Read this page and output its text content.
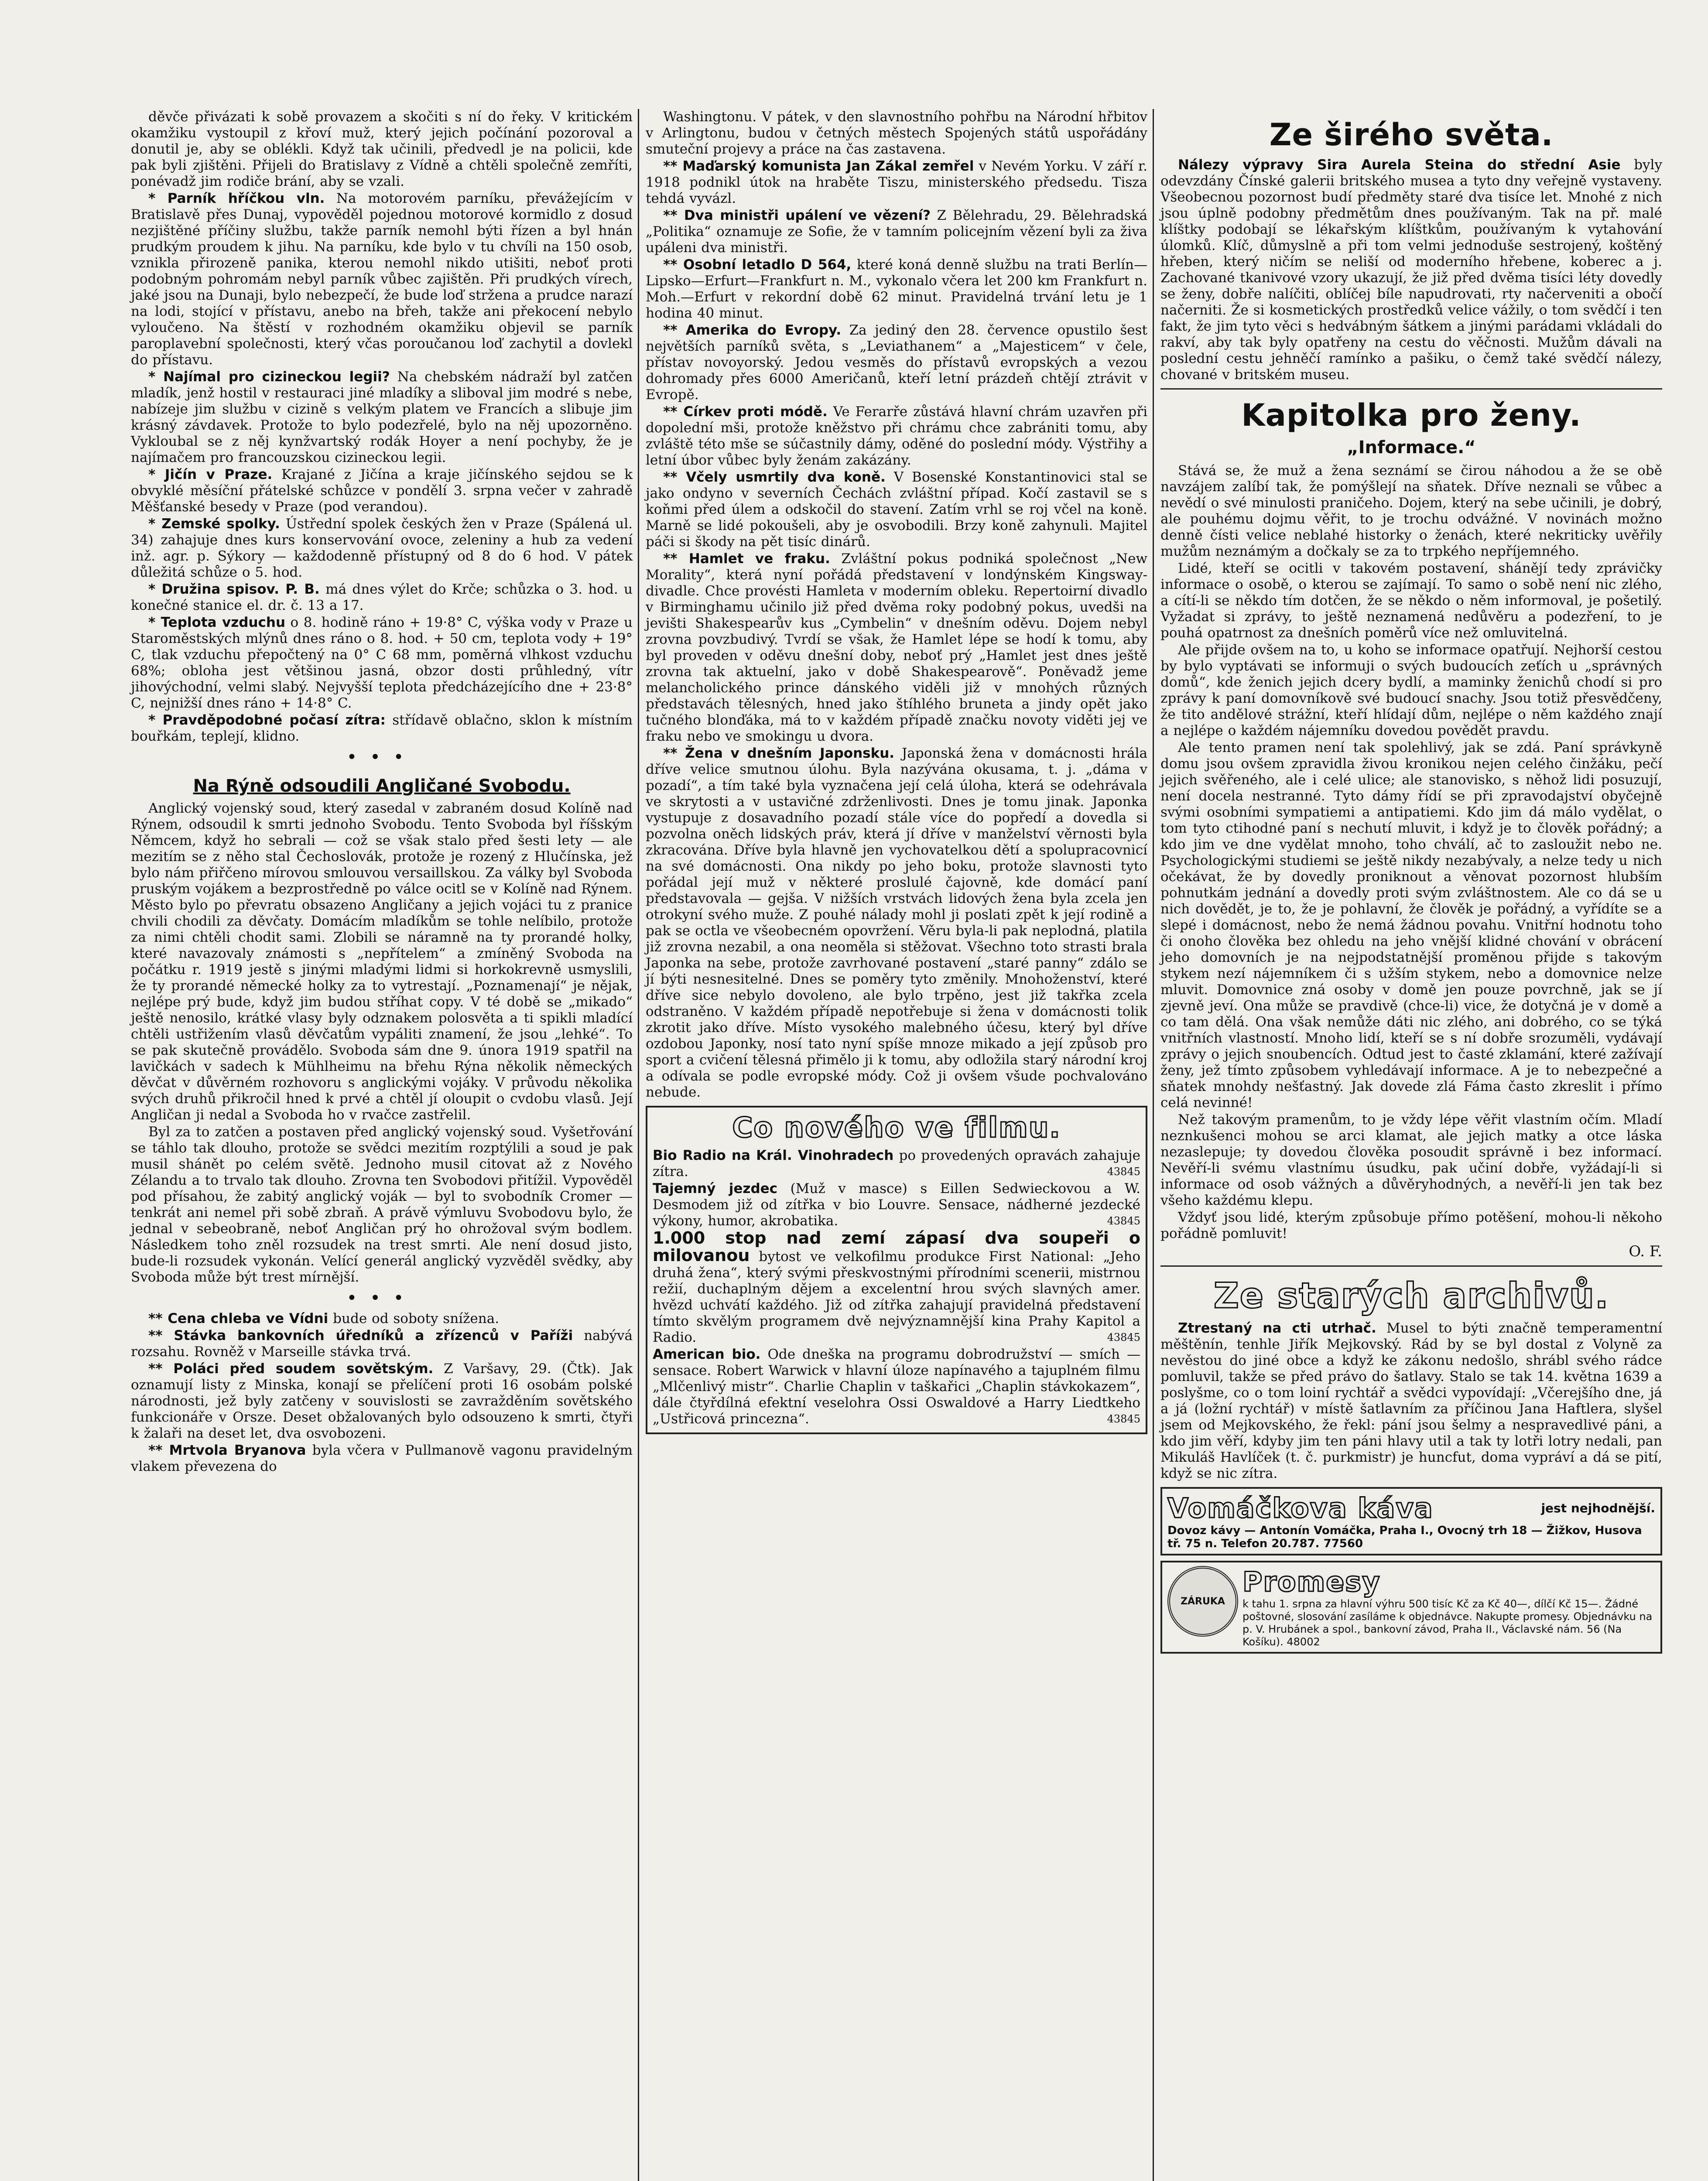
děvče přivázati k sobě provazem a skočiti s ní do řeky. V kritickém okamžiku vystoupil z křoví muž, který jejich počínání pozoroval a donutil je, aby se oblékli. Když tak učinili, předvedl je na policii, kde pak byli zjištěni. Přijeli do Bratislavy z Vídně a chtěli společně zemříti, ponévadž jim rodiče brání, aby se vzali.

* Parník hříčkou vln. Na motorovém parníku, převážejícím v Bratislavě přes Dunaj, vypověděl pojednou motorové kormidlo z dosud nezjištěné příčiny službu, takže parník nemohl býti řízen a byl hnán prudkým proudem k jihu. Na parníku, kde bylo v tu chvíli na 150 osob, vznikla přirozeně panika, kterou nemohl nikdo utišiti, neboť proti podobným pohromám nebyl parník vůbec zajištěn. Při prudkých vírech, jaké jsou na Dunaji, bylo nebezpečí, že bude loď stržena a prudce narazí na lodi, stojící v přístavu, anebo na břeh, takže ani překocení nebylo vyloučeno. Na štěstí v rozhodném okamžiku objevil se parník paroplavební společnosti, který včas poroučanou loď zachytil a dovlekl do přístavu.

* Najímal pro cizineckou legii? Na chebském nádraží byl zatčen mladík, jenž hostil v restauraci jiné mladíky a sliboval jim modré s nebe, nabízeje jim službu v cizině s velkým platem ve Francích a slibuje jim krásný závdavek. Protože to bylo podezřelé, bylo na něj upozorněno. Vykloubal se z něj kynžvartský rodák Hoyer a není pochyby, že je najímačem pro francouzskou cizineckou legii.

* Jičín v Praze. Krajané z Jičína a kraje jičínského sejdou se k obvyklé měsíční přátelské schůzce v pondělí 3. srpna večer v zahradě Měšťanské besedy v Praze (pod verandou).

* Zemské spolky. Ústřední spolek českých žen v Praze (Spálená ul. 34) zahajuje dnes kurs konservování ovoce, zeleniny a hub za vedení inž. agr. p. Sýkory — každodenně přístupný od 8 do 6 hod. V pátek důležitá schůze o 5. hod.

* Družina spisov. P. B. má dnes výlet do Krče; schůzka o 3. hod. u konečné stanice el. dr. č. 13 a 17.

* Teplota vzduchu o 8. hodině ráno + 19·8° C, výška vody v Praze u Staroměstských mlýnů dnes ráno o 8. hod. + 50 cm, teplota vody + 19° C, tlak vzduchu přepočtený na 0° C 68 mm, poměrná vlhkost vzduchu 68%; obloha jest většinou jasná, obzor dosti průhledný, vítr jihovýchodní, velmi slabý. Nejvyšší teplota předcházejícího dne + 23·8° C, nejnižší dnes ráno + 14·8° C.

* Pravděpodobné počasí zítra: střídavě oblačno, sklon k místním bouřkám, teplejí, klidno.

•••
Na Rýně odsoudili Angličané Svobodu.

Anglický vojenský soud, který zasedal v zabraném dosud Kolíně nad Rýnem, odsoudil k smrti jednoho Svobodu. Tento Svoboda byl říšským Němcem, když ho sebrali — což se však stalo před šesti lety — ale mezitím se z něho stal Čechoslovák, protože je rozený z Hlučínska, jež bylo nám přiřčeno mírovou smlouvou versaillskou. Za války byl Svoboda pruským vojákem a bezprostředně po válce ocitl se v Kolíně nad Rýnem. Město bylo po převratu obsazeno Angličany a jejich vojáci tu z pranice chvili chodili za děvčaty. Domácím mladíkům se tohle nelíbilo, protože za nimi chtěli chodit sami. Zlobili se náramně na ty prorandé holky, které navazovaly známosti s „nepřítelem“ a zmíněný Svoboda na počátku r. 1919 jestě s jinými mladými lidmi si horkokrevně usmyslili, že ty prorandé německé holky za to vytrestají. „Poznamenají“ je nějak, nejlépe prý bude, když jim budou stříhat copy. V té době se „mikado“ ještě nenosilo, krátké vlasy byly odznakem polosvěta a ti spikli mladící chtěli ustřižením vlasů děvčatům vypáliti znamení, že jsou „lehké“. To se pak skutečně provádělo. Svoboda sám dne 9. února 1919 spatřil na lavičkách v sadech k Mühlheimu na břehu Rýna několik německých děvčat v důvěrném rozhovoru s anglickými vojáky. V průvodu několika svých druhů přikročil hned k prvé a chtěl jí oloupit o cvdobu vlasů. Její Angličan ji nedal a Svoboda ho v rvačce zastřelil.

Byl za to zatčen a postaven před anglický vojenský soud. Vyšetřování se táhlo tak dlouho, protože se svědci mezitím rozptýlili a soud je pak musil shánět po celém světě. Jednoho musil citovat až z Nového Zélandu a to trvalo tak dlouho. Zrovna ten Svobodovi přitížil. Vypověděl pod přísahou, že zabitý anglický voják — byl to svobodník Cromer — tenkrát ani nemel při sobě zbraň. A právě výmluvu Svobodovu bylo, že jednal v sebeobraně, neboť Angličan prý ho ohrožoval svým bodlem. Následkem toho zněl rozsudek na trest smrti. Ale není dosud jisto, bude-li rozsudek vykonán. Velící generál anglický vyzvěděl svědky, aby Svoboda může být trest mírnější.

•••

** Cena chleba ve Vídni bude od soboty snížena.

** Stávka bankovních úředníků a zřízenců v Paříži nabývá rozsahu. Rovněž v Marseille stávka trvá.

** Poláci před soudem sovětským. Z Varšavy, 29. (Čtk). Jak oznamují listy z Minska, konají se přelíčení proti 16 osobám polské národnosti, jež byly zatčeny v souvislosti se zavražděním sovětského funkcionáře v Orsze. Deset obžalovaných bylo odsouzeno k smrti, čtyři k žalaři na deset let, dva osvobozeni.

** Mrtvola Bryanova byla včera v Pullmanově vagonu pravidelným vlakem převezena do

Washingtonu. V pátek, v den slavnostního pohřbu na Národní hřbitov v Arlingtonu, budou v četných městech Spojených států uspořádány smuteční projevy a práce na čas zastavena.

** Maďarský komunista Jan Zákal zemřel v Nevém Yorku. V září r. 1918 podnikl útok na hraběte Tiszu, ministerského předsedu. Tisza tehdá vyvázl.

** Dva ministři upálení ve vězení? Z Bělehradu, 29. Bělehradská „Politika“ oznamuje ze Sofie, že v tamním policejním vězení byli za živa upáleni dva ministři.

** Osobní letadlo D 564, které koná denně službu na trati Berlín—Lipsko—Erfurt—Frankfurt n. M., vykonalo včera let 200 km Frankfurt n. Moh.—Erfurt v rekordní době 62 minut. Pravidelná trvání letu je 1 hodina 40 minut.

** Amerika do Evropy. Za jediný den 28. července opustilo šest největších parníků světa, s „Leviathanem“ a „Majesticem“ v čele, přístav novoyorský. Jedou vesměs do přístavů evropských a vezou dohromady přes 6000 Američanů, kteří letní prázdeň chtějí ztrávit v Evropě.

** Církev proti módě. Ve Ferarře zůstává hlavní chrám uzavřen při dopolední mši, protože kněžstvo při chrámu chce zabrániti tomu, aby zvláště této mše se súčastnily dámy, oděné do poslední módy. Výstřihy a letní úbor vůbec byly ženám zakázány.

** Včely usmrtily dva koně. V Bosenské Konstantinovici stal se jako ondyno v severních Čechách zvláštní případ. Kočí zastavil se s koňmi před úlem a odskočil do stavení. Zatím vrhl se roj včel na koně. Marně se lidé pokoušeli, aby je osvobodili. Brzy koně zahynuli. Majitel páči si škody na pět tisíc dinárů.

** Hamlet ve fraku. Zvláštní pokus podniká společnost „New Morality“, která nyní pořádá představení v londýnském Kingsway-divadle. Chce provésti Hamleta v moderním obleku. Repertoirní divadlo v Birminghamu učinilo již před dvěma roky podobný pokus, uvedši na jevišti Shakespearův kus „Cymbelin“ v dnešním oděvu. Dojem nebyl zrovna povzbudivý. Tvrdí se však, že Hamlet lépe se hodí k tomu, aby byl proveden v oděvu dnešní doby, neboť prý „Hamlet jest dnes ještě zrovna tak aktuelní, jako v době Shakespearově“. Poněvadž jeme melancholického prince dánského viděli již v mnohých různých představách tělesných, hned jako štíhlého bruneta a jindy opět jako tučného blonďáka, má to v každém případě značku novoty viděti jej ve fraku nebo ve smokingu u dvora.

** Žena v dnešním Japonsku. Japonská žena v domácnosti hrála dříve velice smutnou úlohu. Byla nazývána okusama, t. j. „dáma v pozadí“, a tím také byla vyznačena její celá úloha, která se odehrávala ve skrytosti a v ustavičné zdrženlivosti. Dnes je tomu jinak. Japonka vystupuje z dosavadního pozadí stále více do popředí a dovedla si pozvolna oněch lidských práv, která jí dříve v manželství věrnosti byla zkracována. Dříve byla hlavně jen vychovatelkou dětí a spolupracovnicí na své domácnosti. Ona nikdy po jeho boku, protože slavnosti tyto pořádal její muž v některé proslulé čajovně, kde domácí paní představovala — gejša. V nižších vrstvách lidových žena byla zcela jen otrokyní svého muže. Z pouhé nálady mohl ji poslati zpět k její rodině a pak se octla ve všeobecném opovržení. Věru byla-li pak neplodná, platila již zrovna nezabil, a ona neoměla si stěžovat. Všechno toto strasti brala Japonka na sebe, protože zavrhované postavení „staré panny“ zdálo se jí býti nesnesitelné. Dnes se poměry tyto změnily. Mnohoženství, které dříve sice nebylo dovoleno, ale bylo trpěno, jest již takřka zcela odstraněno. V každém případě nepotřebuje si žena v domácnosti tolik zkrotit jako dříve. Místo vysokého malebného účesu, který byl dříve ozdobou Japonky, nosí tato nyní spíše mnoze mikado a její způsob pro sport a cvičení tělesná přimělo ji k tomu, aby odložila starý národní kroj a odívala se podle evropské módy. Což ji ovšem všude pochvalováno nebude.

Co nového ve filmu.

Bio Radio na Král. Vinohradech po provedených opravách zahajuje zítra.	43845

Tajemný jezdec (Muž v masce) s Eillen Sedwieckovou a W. Desmodem již od zítřka v bio Louvre. Sensace, nádherné jezdecké výkony, humor, akrobatika.	43845

1.000 stop nad zemí zápasí dva soupeři o milovanou bytost ve velkofilmu produkce First National: „Jeho druhá žena“, který svými přeskvostnými přírodními scenerii, mistrnou režií, duchaplným dějem a excelentní hrou svých slavných amer. hvězd uchvátí každého. Již od zítřka zahajují pravidelná představení tímto skvělým programem dvě nejvýznamnější kina Prahy Kapitol a Radio.	43845

American bio. Ode dneška na programu dobrodružství — smích — sensace. Robert Warwick v hlavní úloze napínavého a tajuplném filmu „Mlčenlivý mistr“. Charlie Chaplin v taškařici „Chaplin stávkokazem“, dále čtyřdílná efektní veselohra Ossi Oswaldové a Harry Liedtkeho „Ustřicová princezna“.	43845

Ze širého světa.

Nálezy výpravy Sira Aurela Steina do střední Asie byly odevzdány Čínské galerii britského musea a tyto dny veřejně vystaveny. Všeobecnou pozornost budí předměty staré dva tisíce let. Mnohé z nich jsou úplně podobny předmětům dnes používaným. Tak na př. malé klíštky podobají se lékařským klíštkům, používaným k vytahování úlomků. Klíč, důmyslně a při tom velmi jednoduše sestrojený, koštěný hřeben, který ničím se neliší od moderního hřebene, koberec a j. Zachované tkanivové vzory ukazují, že již před dvěma tisíci léty dovedly se ženy, dobře nalíčiti, oblíčej bíle napudrovati, rty načerveniti a obočí načerniti. Že si kosmetických prostředků velice vážily, o tom svědčí i ten fakt, že jim tyto věci s hedvábným šátkem a jinými parádami vkládali do rakví, aby tak byly opatřeny na cestu do věčnosti. Mužům dávali na poslední cestu jehněčí ramínko a pašiku, o čemž také svědčí nálezy, chované v britském museu.

Kapitolka pro ženy.
„Informace.“

Stává se, že muž a žena seznámí se čirou náhodou a že se obě navzájem zalíbí tak, že pomýšlejí na sňatek. Dříve neznali se vůbec a nevědí o své minulosti praničeho. Dojem, který na sebe učinili, je dobrý, ale pouhému dojmu věřit, to je trochu odvážné. V novinách možno denně čísti velice neblahé historky o ženách, které nekriticky uvěřily mužům neznámým a dočkaly se za to trpkého nepříjemného.

Lidé, kteří se ocitli v takovém postavení, shánějí tedy zprávičky informace o osobě, o kterou se zajímají. To samo o sobě není nic zlého, a cítí-li se někdo tím dotčen, že se někdo o něm informoval, je pošetilý. Vyžadat si zprávy, to ještě neznamená nedůvěru a podezření, to je pouhá opatrnost za dnešních poměrů více než omluvitelná.

Ale přijde ovšem na to, u koho se informace opatřují. Nejhorší cestou by bylo vyptávati se informuji o svých budoucích zeťích u „správných domů“, kde ženich jejich dcery bydlí, a maminky ženichů chodí si pro zprávy k paní domovníkově své budoucí snachy. Jsou totiž přesvědčeny, že tito andělové strážní, kteří hlídají dům, nejlépe o něm každého znají a nejlépe o každém nájemníku dovedou povědět pravdu.

Ale tento pramen není tak spolehlivý, jak se zdá. Paní správkyně domu jsou ovšem zpravidla živou kronikou nejen celého činžáku, pečí jejich svěřeného, ale i celé ulice; ale stanovisko, s něhož lidi posuzují, není docela nestranné. Tyto dámy řídí se při zpravodajství obyčejně svými osobními sympatiemi a antipatiemi. Kdo jim dá málo vydělat, o tom tyto ctihodné paní s nechutí mluvit, i když je to člověk pořádný; a kdo jim ve dne vydělat mnoho, toho chválí, ač to zasloužit nebo ne. Psychologickými studiemi se ještě nikdy nezabývaly, a nelze tedy u nich očekávat, že by dovedly proniknout a věnovat pozornost hlubším pohnutkám jednání a dovedly proti svým zvláštnostem. Ale co dá se u nich dovědět, je to, že je pohlavní, že člověk je pořádný, a vyřídíte se a slepé i domácnost, nebo že nemá žádnou povahu. Vnitřní hodnotu toho či onoho člověka bez ohledu na jeho vnější klidné chování v obrácení jeho domovních je na nejpodstatnější proměnou přijde s takovým stykem nezí nájemníkem či s užším stykem, nebo a domovnice nelze mluvit. Domovnice zná osoby v domě jen pouze povrchně, jak se jí zjevně jeví. Ona může se pravdivě (chce-li) vice, že dotyčná je v domě a co tam dělá. Ona však nemůže dáti nic zlého, ani dobrého, co se týká vnitřních vlastností. Mnoho lidí, kteří se s ní dobře srozuměli, vydávají zprávy o jejich snoubencích. Odtud jest to časté zklamání, které zažívají ženy, jež tímto způsobem vyhledávají informace. A je to nebezpečné a sňatek mnohdy nešťastný. Jak dovede zlá Fáma často zkreslit i přímo celá nevinné!

Než takovým pramenům, to je vždy lépe věřit vlastním očím. Mladí neznkušenci mohou se arci klamat, ale jejich matky a otce láska nezaslepuje; ty dovedou člověka posoudit správně i bez informací. Nevěří-li svému vlastnímu úsudku, pak učiní dobře, vyžádají-li si informace od osob vážných a důvěryhodných, a nevěří-li jen tak bez všeho každému klepu.

Vždyť jsou lidé, kterým způsobuje přímo potěšení, mohou-li někoho pořádně pomluvit!

O. F.
Ze starých archivů.

Ztrestaný na cti utrhač. Musel to býti značně temperamentní měštěnín, tenhle Jiřík Mejkovský. Rád by se byl dostal z Volyně za nevěstou do jiné obce a když ke zákonu nedošlo, shrábl svého rádce pomluvil, takže se před právo do šatlavy. Stalo se tak 14. května 1639 a poslyšme, co o tom loiní rychtář a svědci vypovídají: „Včerejšího dne, já a já (ložní rychtář) v místě šatlavním za příčinou Jana Haftlera, slyšel jsem od Mejkovského, že řekl: pání jsou šelmy a nespravedlivé páni, a kdo jim věří, kdyby jim ten páni hlavy util a tak ty lotři lotry nedali, pan Mikuláš Havlíček (t. č. purkmistr) je huncfut, doma vypráví a dá se pití, když se nic zítra.

Vomáčkova káva	jest nejhodnější.
Dovoz kávy — Antonín Vomáčka, Praha I., Ovocný trh 18 — Žižkov, Husova tř. 75 n. Telefon 20.787. 77560
ZÁRUKA
Promesy
k tahu 1. srpna za hlavní výhru 500 tisíc Kč za Kč 40—, dílčí Kč 15—. Žádné poštovné, slosování zasíláme k objednávce. Nakupte promesy. Objednávku na p. V. Hrubánek a spol., bankovní závod, Praha II., Václavské nám. 56 (Na Košíku). 48002
